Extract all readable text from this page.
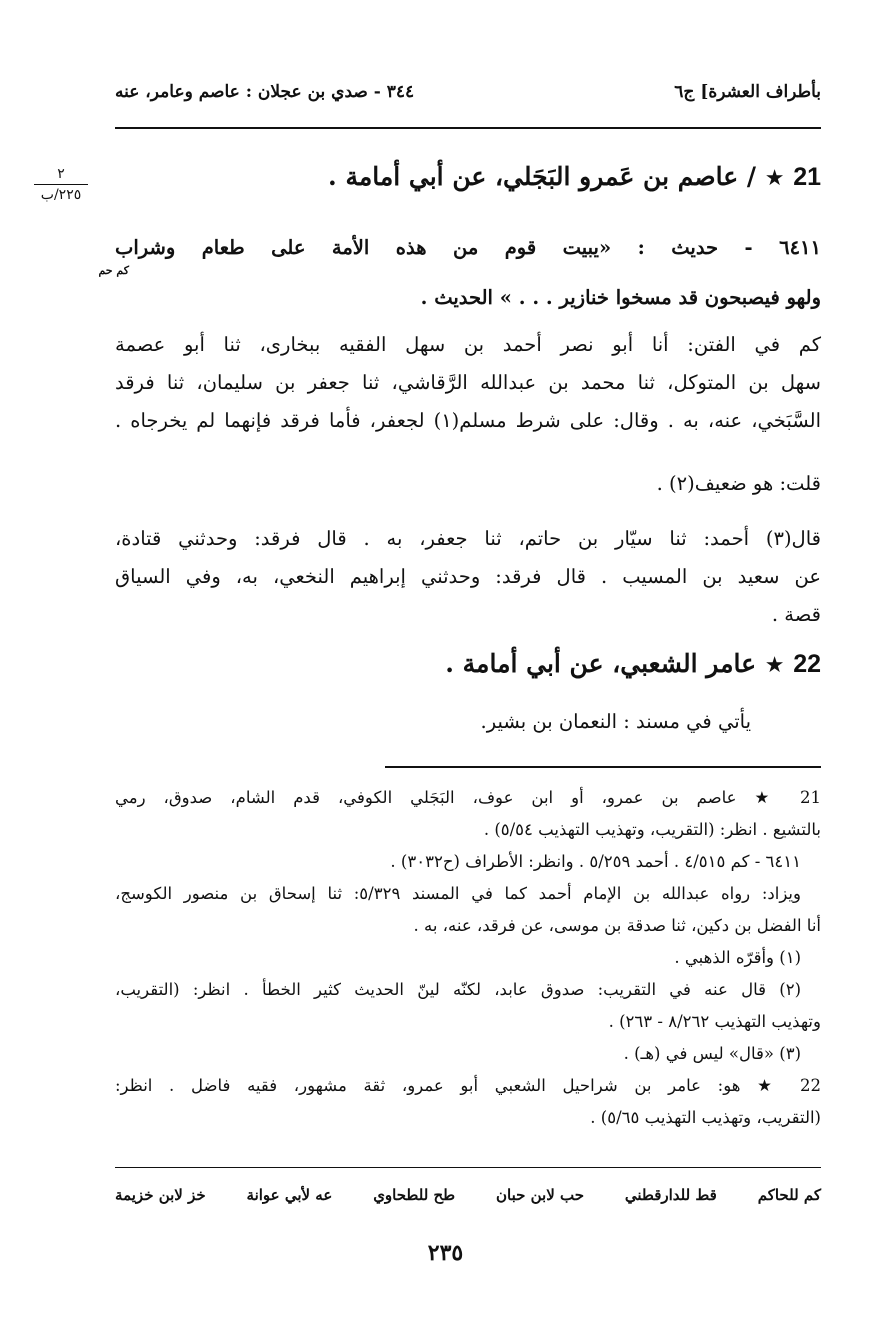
بأطراف العشرة] ج٦
٣٤٤ - صدي بن عجلان : عاصم وعامر، عنه
٢
٢٢٥/ب
21 ★ / عاصم بن عَمرو البَجَلي، عن أبي أمامة .
٦٤١١ - حديث : «يبيت قوم من هذه الأمة على طعام وشراب
كم حم
ولهو فيصبحون قد مسخوا خنازير . . . » الحديث .
كم في الفتن: أنا أبو نصر أحمد بن سهل الفقيه ببخارى، ثنا أبو عصمة
سهل بن المتوكل، ثنا محمد بن عبدالله الرَّقاشي، ثنا جعفر بن سليمان، ثنا فرقد
السَّبَخي، عنه، به . وقال: على شرط مسلم(١) لجعفر، فأما فرقد فإنهما لم يخرجاه .
قلت: هو ضعيف(٢) .
قال(٣) أحمد: ثنا سيّار بن حاتم، ثنا جعفر، به . قال فرقد: وحدثني قتادة،
عن سعيد بن المسيب . قال فرقد: وحدثني إبراهيم النخعي، به، وفي السياق
قصة .
22 ★ عامر الشعبي، عن أبي أمامة .
يأتي في مسند : النعمان بن بشير.
21 ★ عاصم بن عمرو، أو ابن عوف، البَجَلي الكوفي، قدم الشام، صدوق، رمي
بالتشيع . انظر: (التقريب، وتهذيب التهذيب ٥/٥٤) .
٦٤١١ - كم ٤/٥١٥ . أحمد ٥/٢٥٩ . وانظر: الأطراف (ح٣٠٣٢) .
ويزاد: رواه عبدالله بن الإمام أحمد كما في المسند ٥/٣٢٩: ثنا إسحاق بن منصور الكوسج،
أنا الفضل بن دكين، ثنا صدقة بن موسى، عن فرقد، عنه، به .
(١) وأقرّه الذهبي .
(٢) قال عنه في التقريب: صدوق عابد، لكنّه لينّ الحديث كثير الخطأ . انظر: (التقريب،
وتهذيب التهذيب ٨/٢٦٢ - ٢٦٣) .
(٣) «قال» ليس في (هـ) .
22 ★ هو: عامر بن شراحيل الشعبي أبو عمرو، ثقة مشهور، فقيه فاضل . انظر:
(التقريب، وتهذيب التهذيب ٥/٦٥) .
خز لابن خزيمة	عه لأبي عوانة	طح للطحاوي	حب لابن حبان	قط للدارقطني	كم للحاكم
٢٣٥
